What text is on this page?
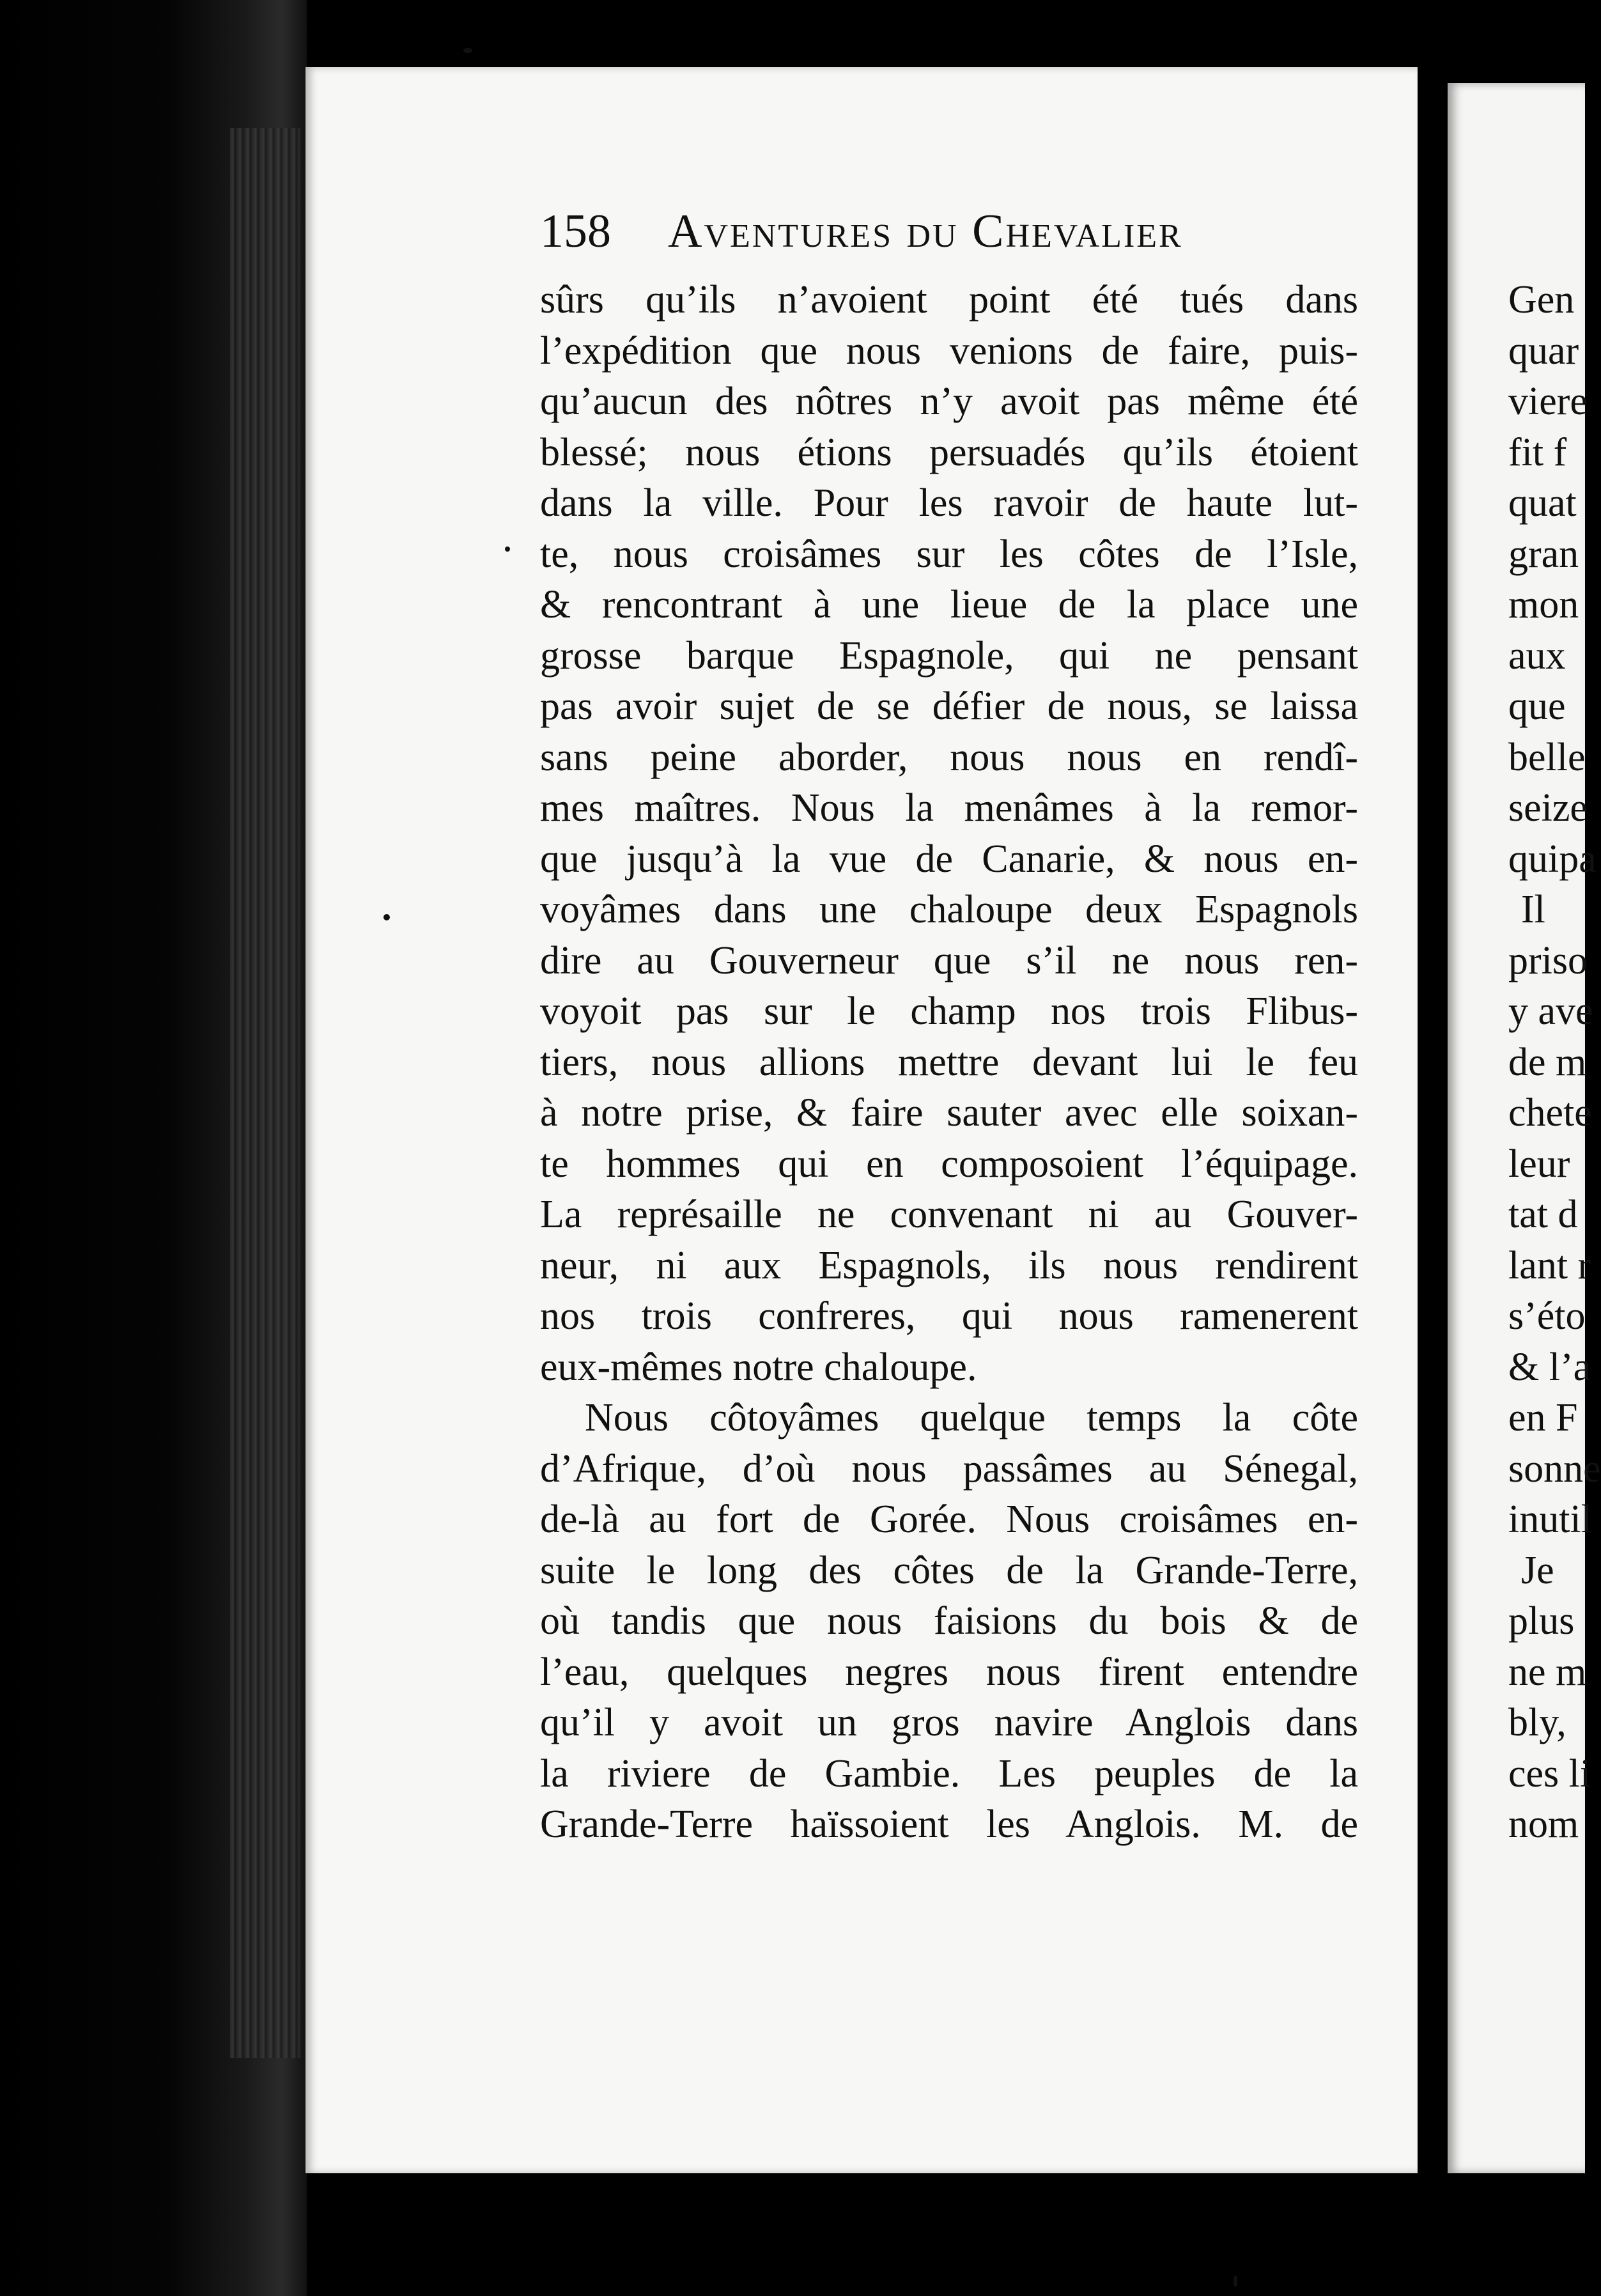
158 Aventures du Chevalier
sûrs qu’ils n’avoient point été tués dans
l’expédition que nous venions de faire, puis-
qu’aucun des nôtres n’y avoit pas même été
blessé; nous étions persuadés qu’ils étoient
dans la ville. Pour les ravoir de haute lut-
te, nous croisâmes sur les côtes de l’Isle,
& rencontrant à une lieue de la place une
grosse barque Espagnole, qui ne pensant
pas avoir sujet de se défier de nous, se laissa
sans peine aborder, nous nous en rendî-
mes maîtres. Nous la menâmes à la remor-
que jusqu’à la vue de Canarie, & nous en-
voyâmes dans une chaloupe deux Espagnols
dire au Gouverneur que s’il ne nous ren-
voyoit pas sur le champ nos trois Flibus-
tiers, nous allions mettre devant lui le feu
à notre prise, & faire sauter avec elle soixan-
te hommes qui en composoient l’équipage.
La représaille ne convenant ni au Gouver-
neur, ni aux Espagnols, ils nous rendirent
nos trois confreres, qui nous ramenerent
eux-mêmes notre chaloupe.
Nous côtoyâmes quelque temps la côte
d’Afrique, d’où nous passâmes au Sénegal,
de-là au fort de Gorée. Nous croisâmes en-
suite le long des côtes de la Grande-Terre,
où tandis que nous faisions du bois & de
l’eau, quelques negres nous firent entendre
qu’il y avoit un gros navire Anglois dans
la riviere de Gambie. Les peuples de la
Grande-Terre haïssoient les Anglois. M. de
Gen
quar
viere
fit f
quat
gran
mon
aux
que
belle
seize
quipa
Il
priso
y ave
de m
chete
leur
tat d
lant r
s’éto
& l’a
en F
sonne
inutil
Je
plus
ne m
bly,
ces li
nom
